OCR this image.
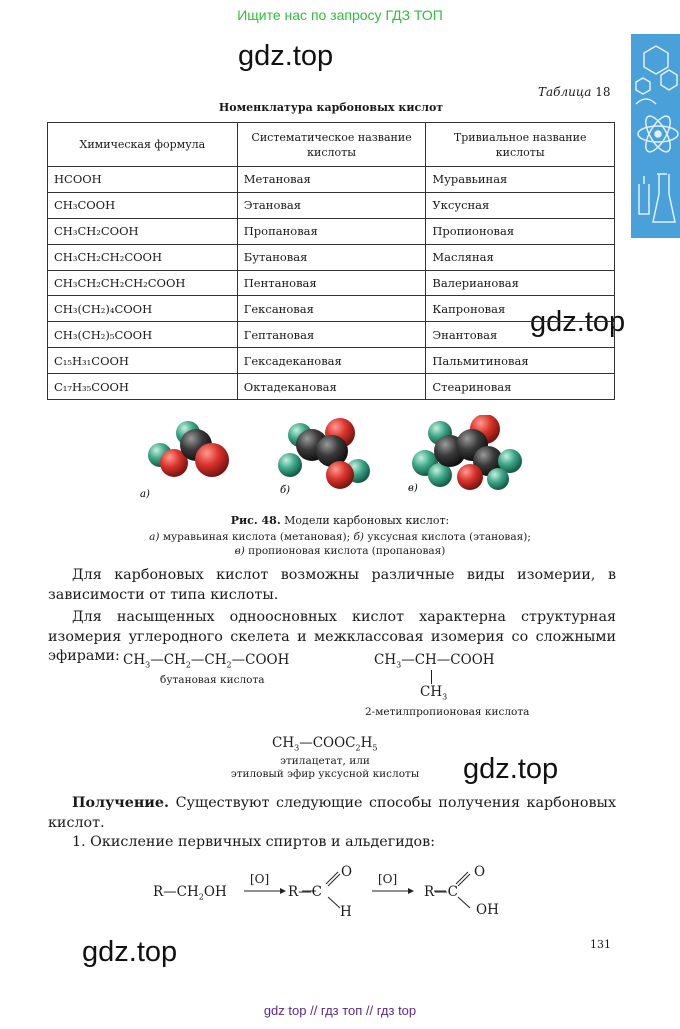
Ищите нас по запросу ГДЗ ТОП
gdz.top
gdz.top
gdz.top
gdz.top
Таблица 18
Номенклатура карбоновых кислот
Химическая формула	Систематическое название кислоты	Тривиальное название кислоты
HCOOH	Метановая	Муравьиная
CH₃COOH	Этановая	Уксусная
CH₃CH₂COOH	Пропановая	Пропионовая
CH₃CH₂CH₂COOH	Бутановая	Масляная
CH₃CH₂CH₂CH₂COOH	Пентановая	Валериановая
CH₃(CH₂)₄COOH	Гексановая	Капроновая
CH₃(CH₂)₅COOH	Гептановая	Энантовая
C₁₅H₃₁COOH	Гексадекановая	Пальмитиновая
C₁₇H₃₅COOH	Октадекановая	Стеариновая
а)	б)	в)
Рис. 48. Модели карбоновых кислот:
а) муравьиная кислота (метановая); б) уксусная кислота (этановая);
в) пропионовая кислота (пропановая)
Для карбоновых кислот возможны различные виды изомерии, в зависимости от типа кислоты.
Для насыщенных одноосновных кислот характерна структурная изомерия углеродного скелета и межклассовая изомерия со сложными эфирами: $CH_3—CH_2—CH_2—COOH$
бутановая кислота
$CH_3—CH—COOH$
$CH_3$
2-метилпропионовая кислота
$CH_3—COOC_2H_5$
этилацетат, или
этиловый эфир уксусной кислоты
Получение. Существуют следующие способы получения карбоновых кислот.
1. Окисление первичных спиртов и альдегидов:
$R—CH_2OH$
[O]	[O]
R—C
O
H
R—C
O
OH
131
gdz top // гдз топ // гдз top
